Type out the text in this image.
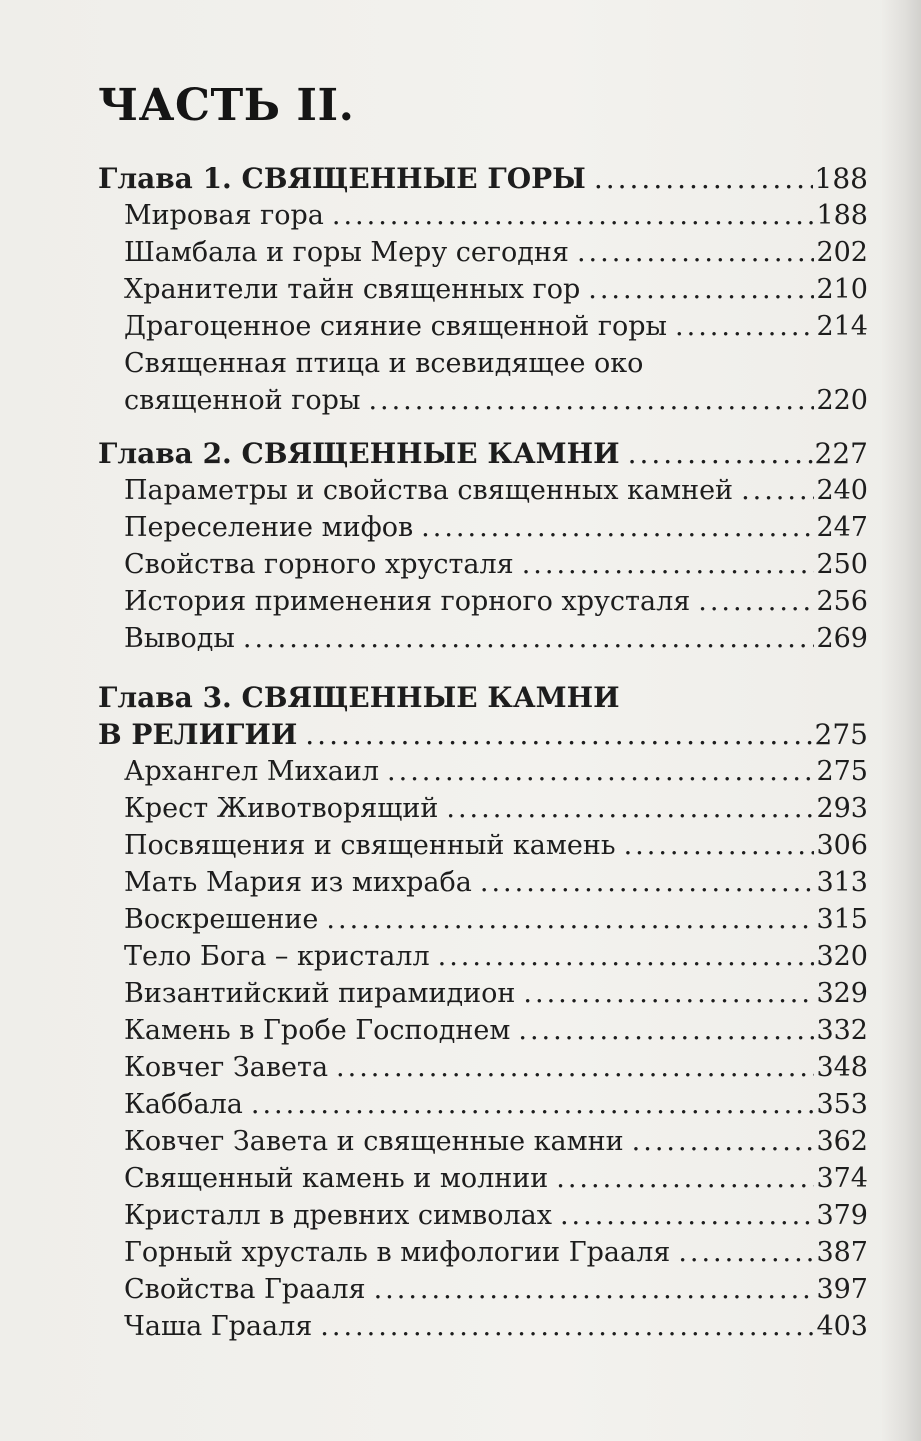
ЧАСТЬ II.
Глава 1. СВЯЩЕННЫЕ ГОРЫ .....	188
Мировая гора .....	188
Шамбала и горы Меру сегодня .....	202
Хранители тайн священных гор .....	210
Драгоценное сияние священной горы .....	214
Священная птица и всевидящее око
священной горы .....	220
Глава 2. СВЯЩЕННЫЕ КАМНИ .....	227
Параметры и свойства священных камней .....	240
Переселение мифов .....	247
Свойства горного хрусталя .....	250
История применения горного хрусталя .....	256
Выводы .....	269
Глава 3. СВЯЩЕННЫЕ КАМНИ
В РЕЛИГИИ .....	275
Архангел Михаил .....	275
Крест Животворящий .....	293
Посвящения и священный камень .....	306
Мать Мария из михраба .....	313
Воскрешение .....	315
Тело Бога – кристалл .....	320
Византийский пирамидион .....	329
Камень в Гробе Господнем .....	332
Ковчег Завета .....	348
Каббала .....	353
Ковчег Завета и священные камни .....	362
Священный камень и молнии .....	374
Кристалл в древних символах .....	379
Горный хрусталь в мифологии Грааля .....	387
Свойства Грааля .....	397
Чаша Грааля .....	403
